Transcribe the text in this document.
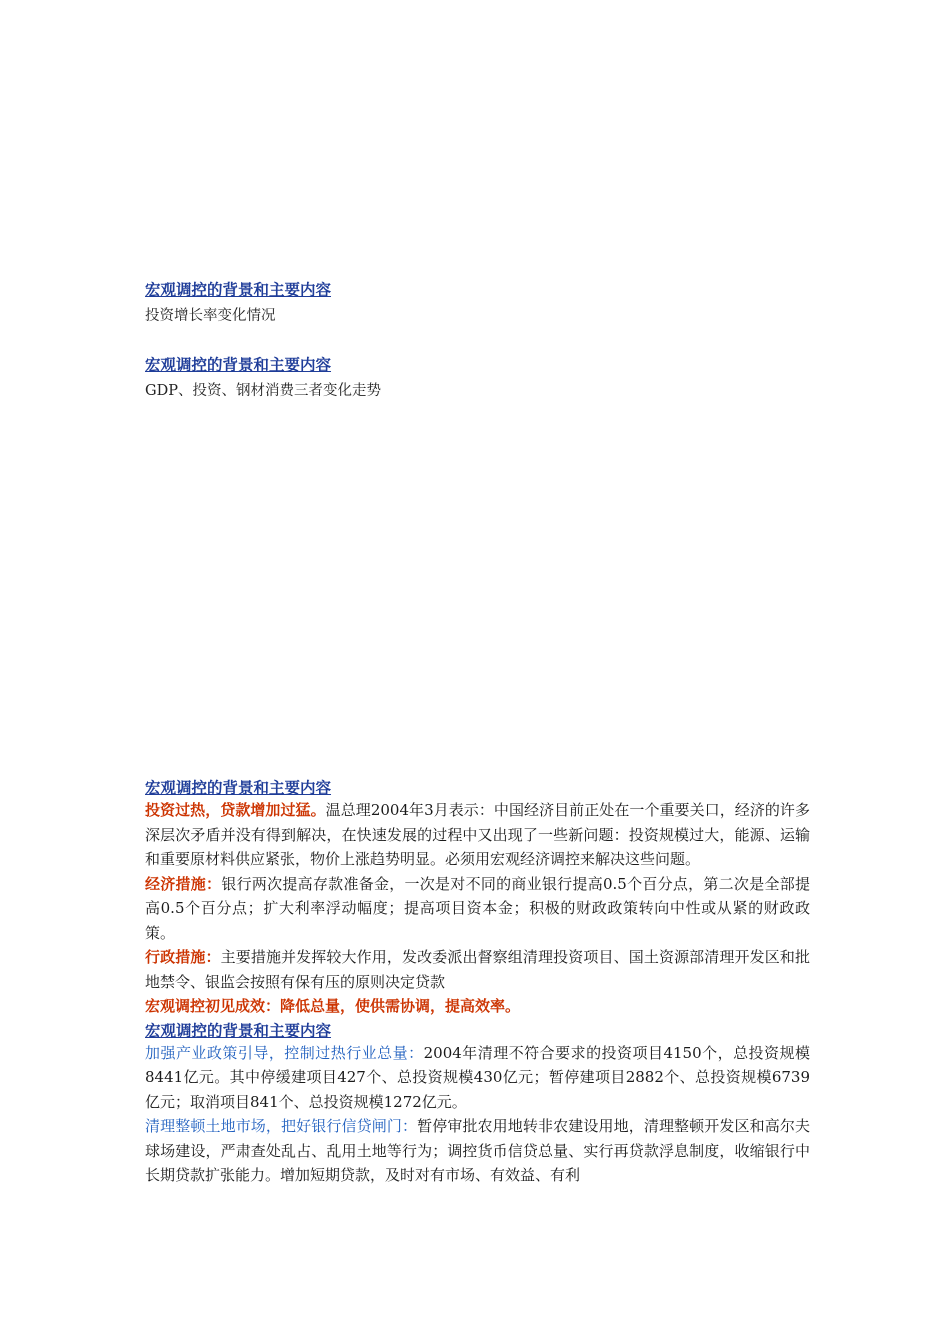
宏观调控的背景和主要内容

投资增长率变化情况

宏观调控的背景和主要内容

GDP、投资、钢材消费三者变化走势

宏观调控的背景和主要内容

投资过热，贷款增加过猛。温总理2004年3月表示：中国经济目前正处在一个重要关口，经济的许多深层次矛盾并没有得到解决，在快速发展的过程中又出现了一些新问题：投资规模过大，能源、运输和重要原材料供应紧张，物价上涨趋势明显。必须用宏观经济调控来解决这些问题。

经济措施：银行两次提高存款准备金，一次是对不同的商业银行提高0.5个百分点，第二次是全部提高0.5个百分点；扩大利率浮动幅度；提高项目资本金；积极的财政政策转向中性或从紧的财政政策。

行政措施：主要措施并发挥较大作用，发改委派出督察组清理投资项目、国土资源部清理开发区和批地禁令、银监会按照有保有压的原则决定贷款

宏观调控初见成效：降低总量，使供需协调，提高效率。

宏观调控的背景和主要内容

加强产业政策引导，控制过热行业总量：2004年清理不符合要求的投资项目4150个，总投资规模8441亿元。其中停缓建项目427个、总投资规模430亿元；暂停建项目2882个、总投资规模6739亿元；取消项目841个、总投资规模1272亿元。

清理整顿土地市场，把好银行信贷闸门：暂停审批农用地转非农建设用地，清理整顿开发区和高尔夫球场建设，严肃查处乱占、乱用土地等行为；调控货币信贷总量、实行再贷款浮息制度，收缩银行中长期贷款扩张能力。增加短期贷款，及时对有市场、有效益、有利
